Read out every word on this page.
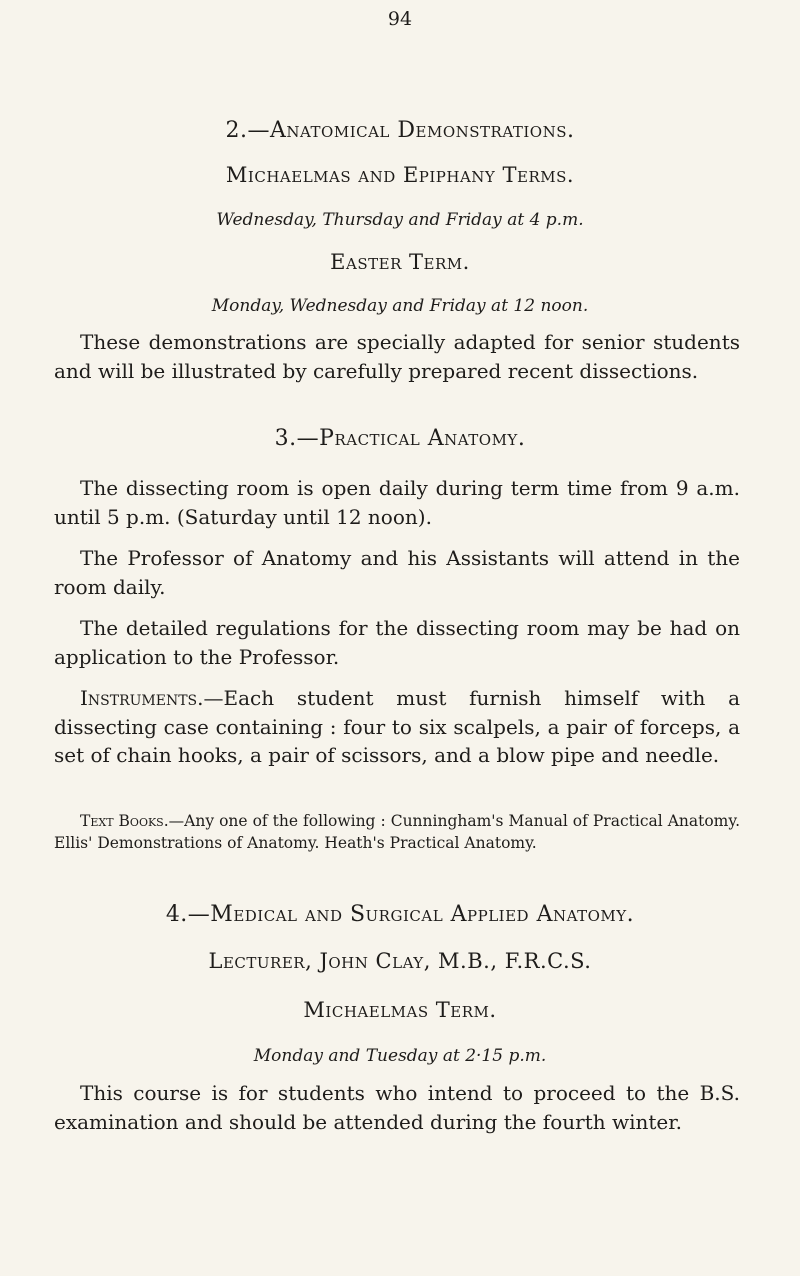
94
2.—Anatomical Demonstrations.
Michaelmas and Epiphany Terms.
Wednesday, Thursday and Friday at 4 p.m.
Easter Term.
Monday, Wednesday and Friday at 12 noon.
These demonstrations are specially adapted for senior students and will be illustrated by carefully prepared recent dissections.
3.—Practical Anatomy.
The dissecting room is open daily during term time from 9 a.m. until 5 p.m. (Saturday until 12 noon).
The Professor of Anatomy and his Assistants will attend in the room daily.
The detailed regulations for the dissecting room may be had on application to the Professor.
Instruments.—Each student must furnish himself with a dissecting case containing : four to six scalpels, a pair of forceps, a set of chain hooks, a pair of scissors, and a blow pipe and needle.
Text Books.—Any one of the following : Cunningham's Manual of Practical Anatomy. Ellis' Demonstrations of Anatomy. Heath's Practical Anatomy.
4.—Medical and Surgical Applied Anatomy.
Lecturer, John Clay, M.B., F.R.C.S.
Michaelmas Term.
Monday and Tuesday at 2·15 p.m.
This course is for students who intend to proceed to the B.S. examination and should be attended during the fourth winter.
